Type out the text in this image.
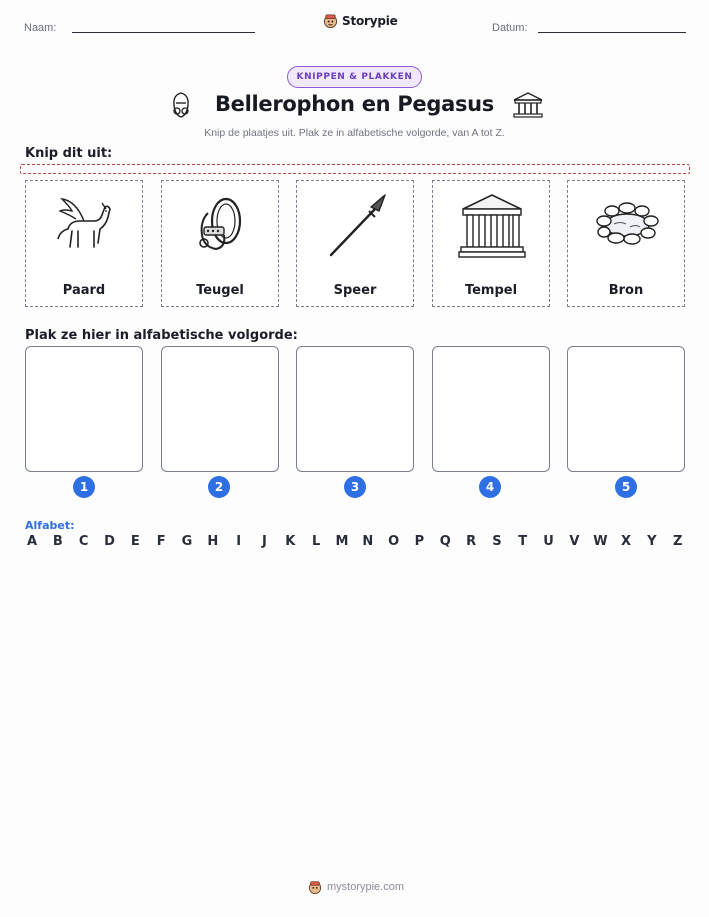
Naam:	Datum:
Storypie
KNIPPEN & PLAKKEN
Bellerophon en Pegasus
Knip de plaatjes uit. Plak ze in alfabetische volgorde, van A tot Z.
Knip dit uit:
Paard	Teugel	Speer	Tempel	Bron
Plak ze hier in alfabetische volgorde:
1	2	3	4	5
Alfabet:
A B C D E F G H	I	J	K L M N O P Q R S T U V W X Y Z
mystorypie.com
